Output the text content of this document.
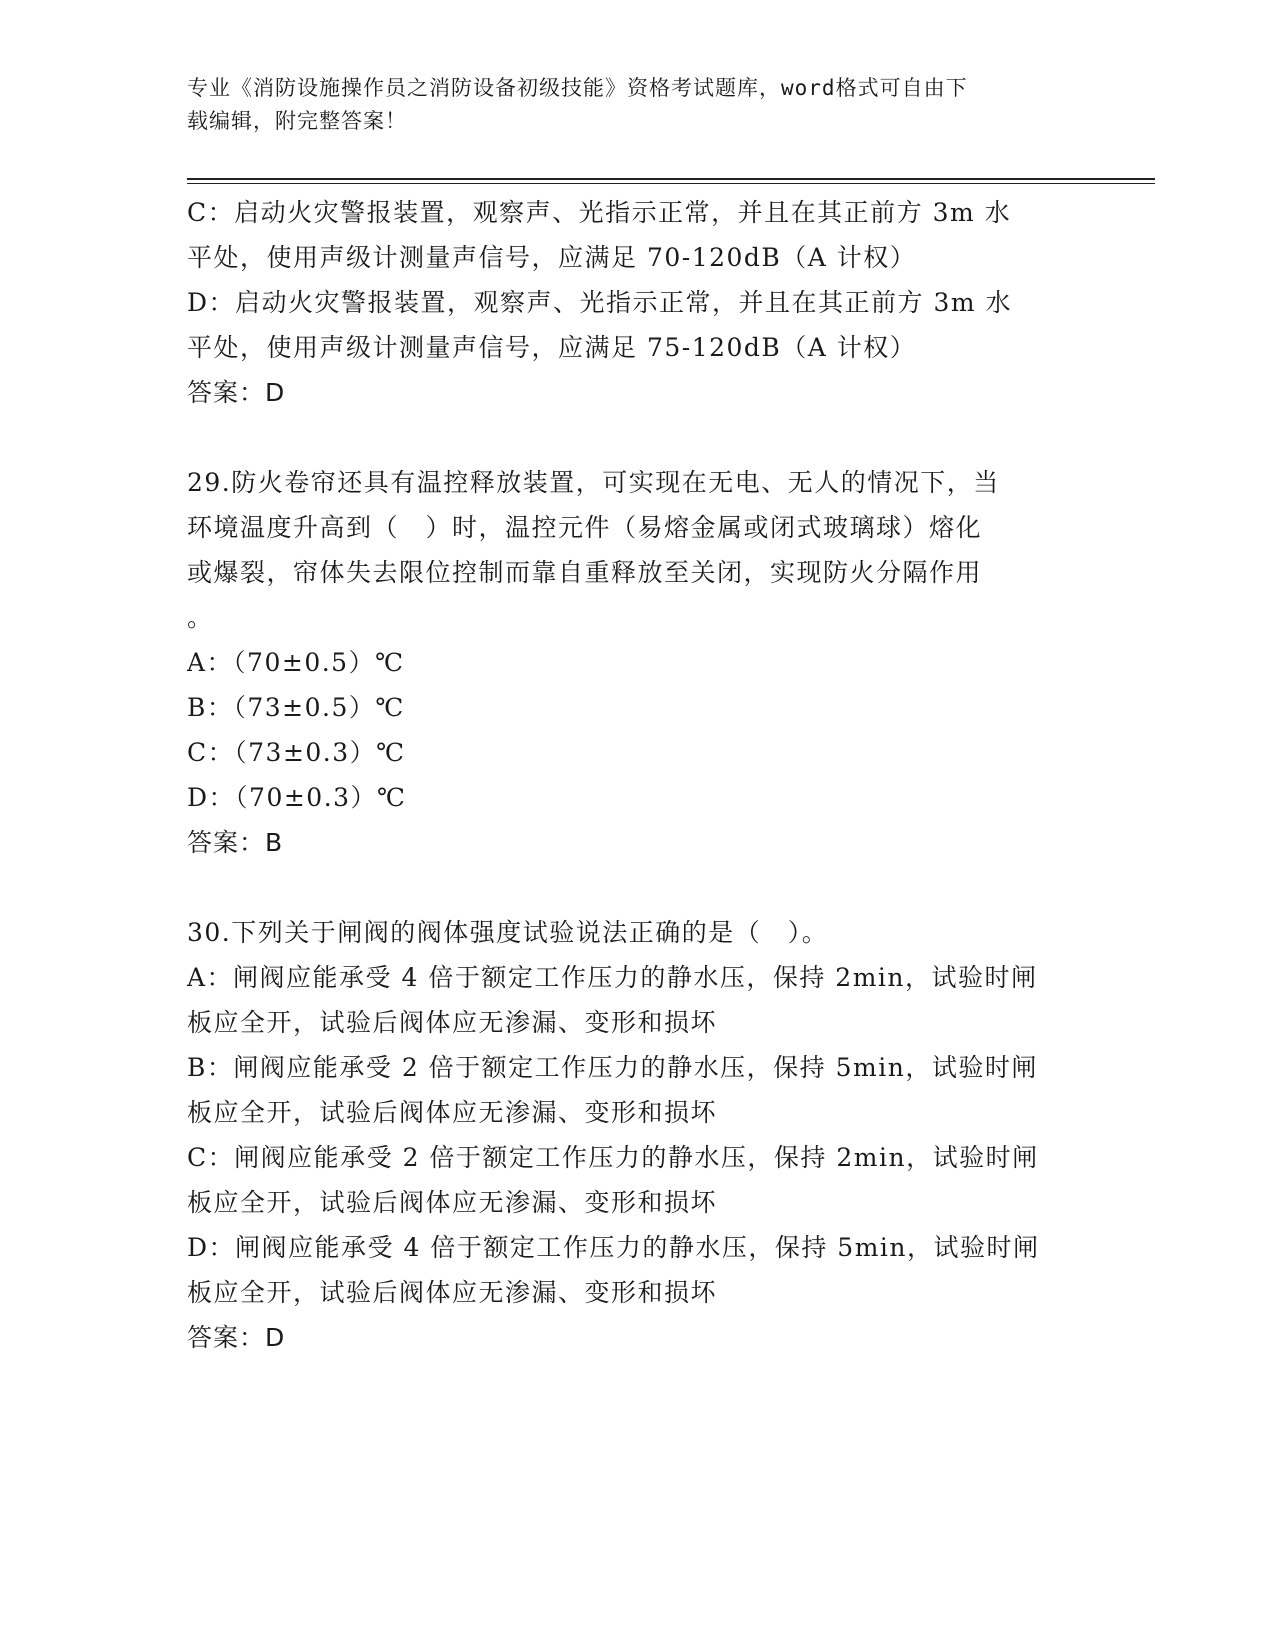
专业《消防设施操作员之消防设备初级技能》资格考试题库，word格式可自由下
载编辑，附完整答案！
C：启动火灾警报装置，观察声、光指示正常，并且在其正前方 3m 水
平处，使用声级计测量声信号，应满足 70-120dB（A 计权）
D：启动火灾警报装置，观察声、光指示正常，并且在其正前方 3m 水
平处，使用声级计测量声信号，应满足 75-120dB（A 计权）
答案：D
29.防火卷帘还具有温控释放装置，可实现在无电、无人的情况下，当
环境温度升高到（　）时，温控元件（易熔金属或闭式玻璃球）熔化
或爆裂，帘体失去限位控制而靠自重释放至关闭，实现防火分隔作用
。
A：（70±0.5）℃
B：（73±0.5）℃
C：（73±0.3）℃
D：（70±0.3）℃
答案：B
30.下列关于闸阀的阀体强度试验说法正确的是（　）。
A：闸阀应能承受 4 倍于额定工作压力的静水压，保持 2min，试验时闸
板应全开，试验后阀体应无渗漏、变形和损坏
B：闸阀应能承受 2 倍于额定工作压力的静水压，保持 5min，试验时闸
板应全开，试验后阀体应无渗漏、变形和损坏
C：闸阀应能承受 2 倍于额定工作压力的静水压，保持 2min，试验时闸
板应全开，试验后阀体应无渗漏、变形和损坏
D：闸阀应能承受 4 倍于额定工作压力的静水压，保持 5min，试验时闸
板应全开，试验后阀体应无渗漏、变形和损坏
答案：D
